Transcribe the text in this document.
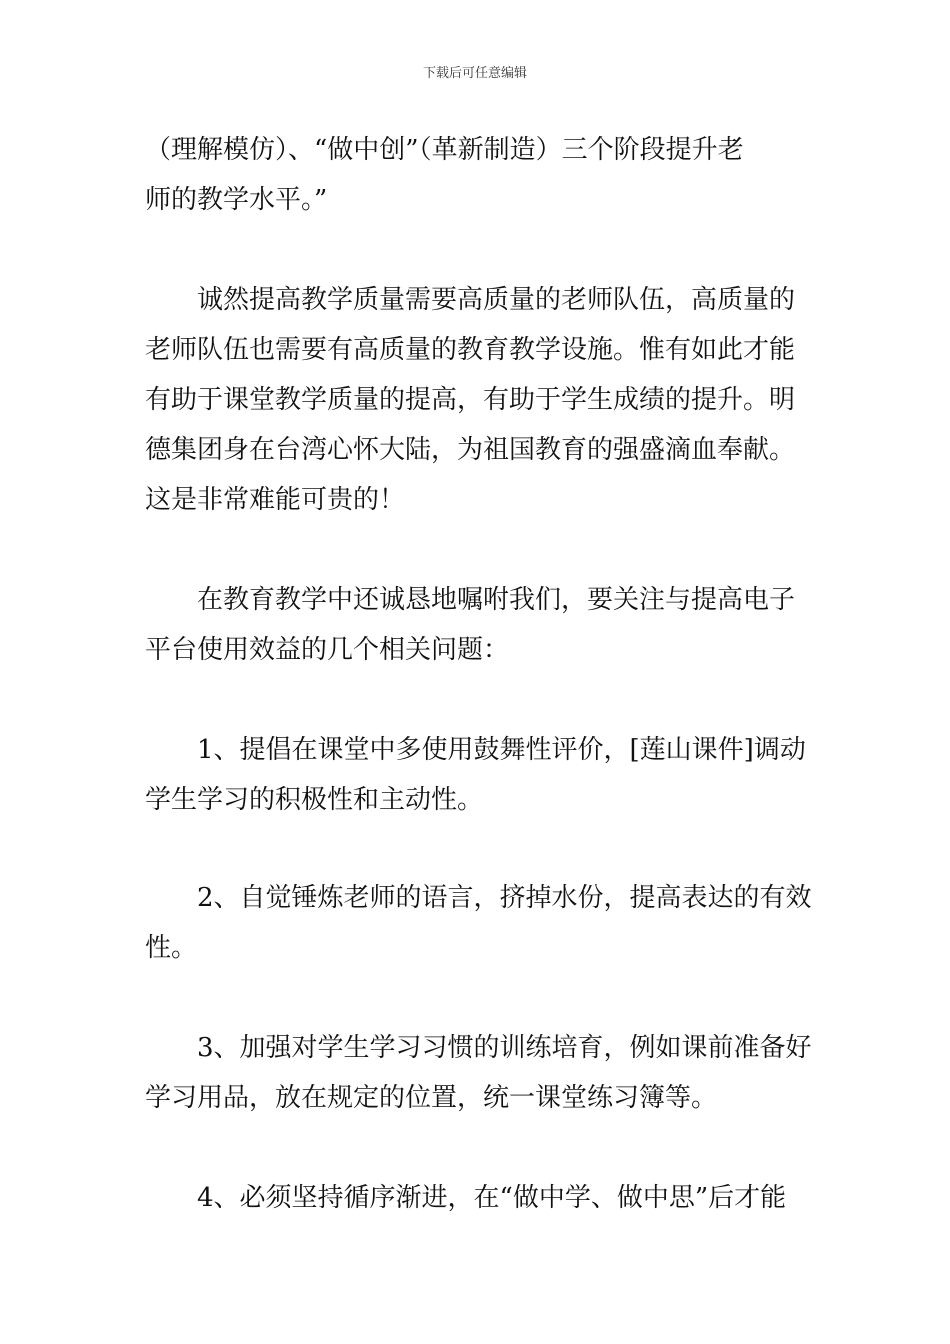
下载后可任意编辑
（理解模仿）、“做中创”（革新制造）三个阶段提升老
师的教学水平。”
诚然提高教学质量需要高质量的老师队伍，高质量的
老师队伍也需要有高质量的教育教学设施。惟有如此才能
有助于课堂教学质量的提高，有助于学生成绩的提升。明
德集团身在台湾心怀大陆，为祖国教育的强盛滴血奉献。
这是非常难能可贵的！
在教育教学中还诚恳地嘱咐我们，要关注与提高电子
平台使用效益的几个相关问题：
1、提倡在课堂中多使用鼓舞性评价，[莲山课件]调动
学生学习的积极性和主动性。
2、自觉锤炼老师的语言，挤掉水份，提高表达的有效
性。
3、加强对学生学习习惯的训练培育，例如课前准备好
学习用品，放在规定的位置，统一课堂练习簿等。
4、必须坚持循序渐进，在“做中学、做中思”后才能
